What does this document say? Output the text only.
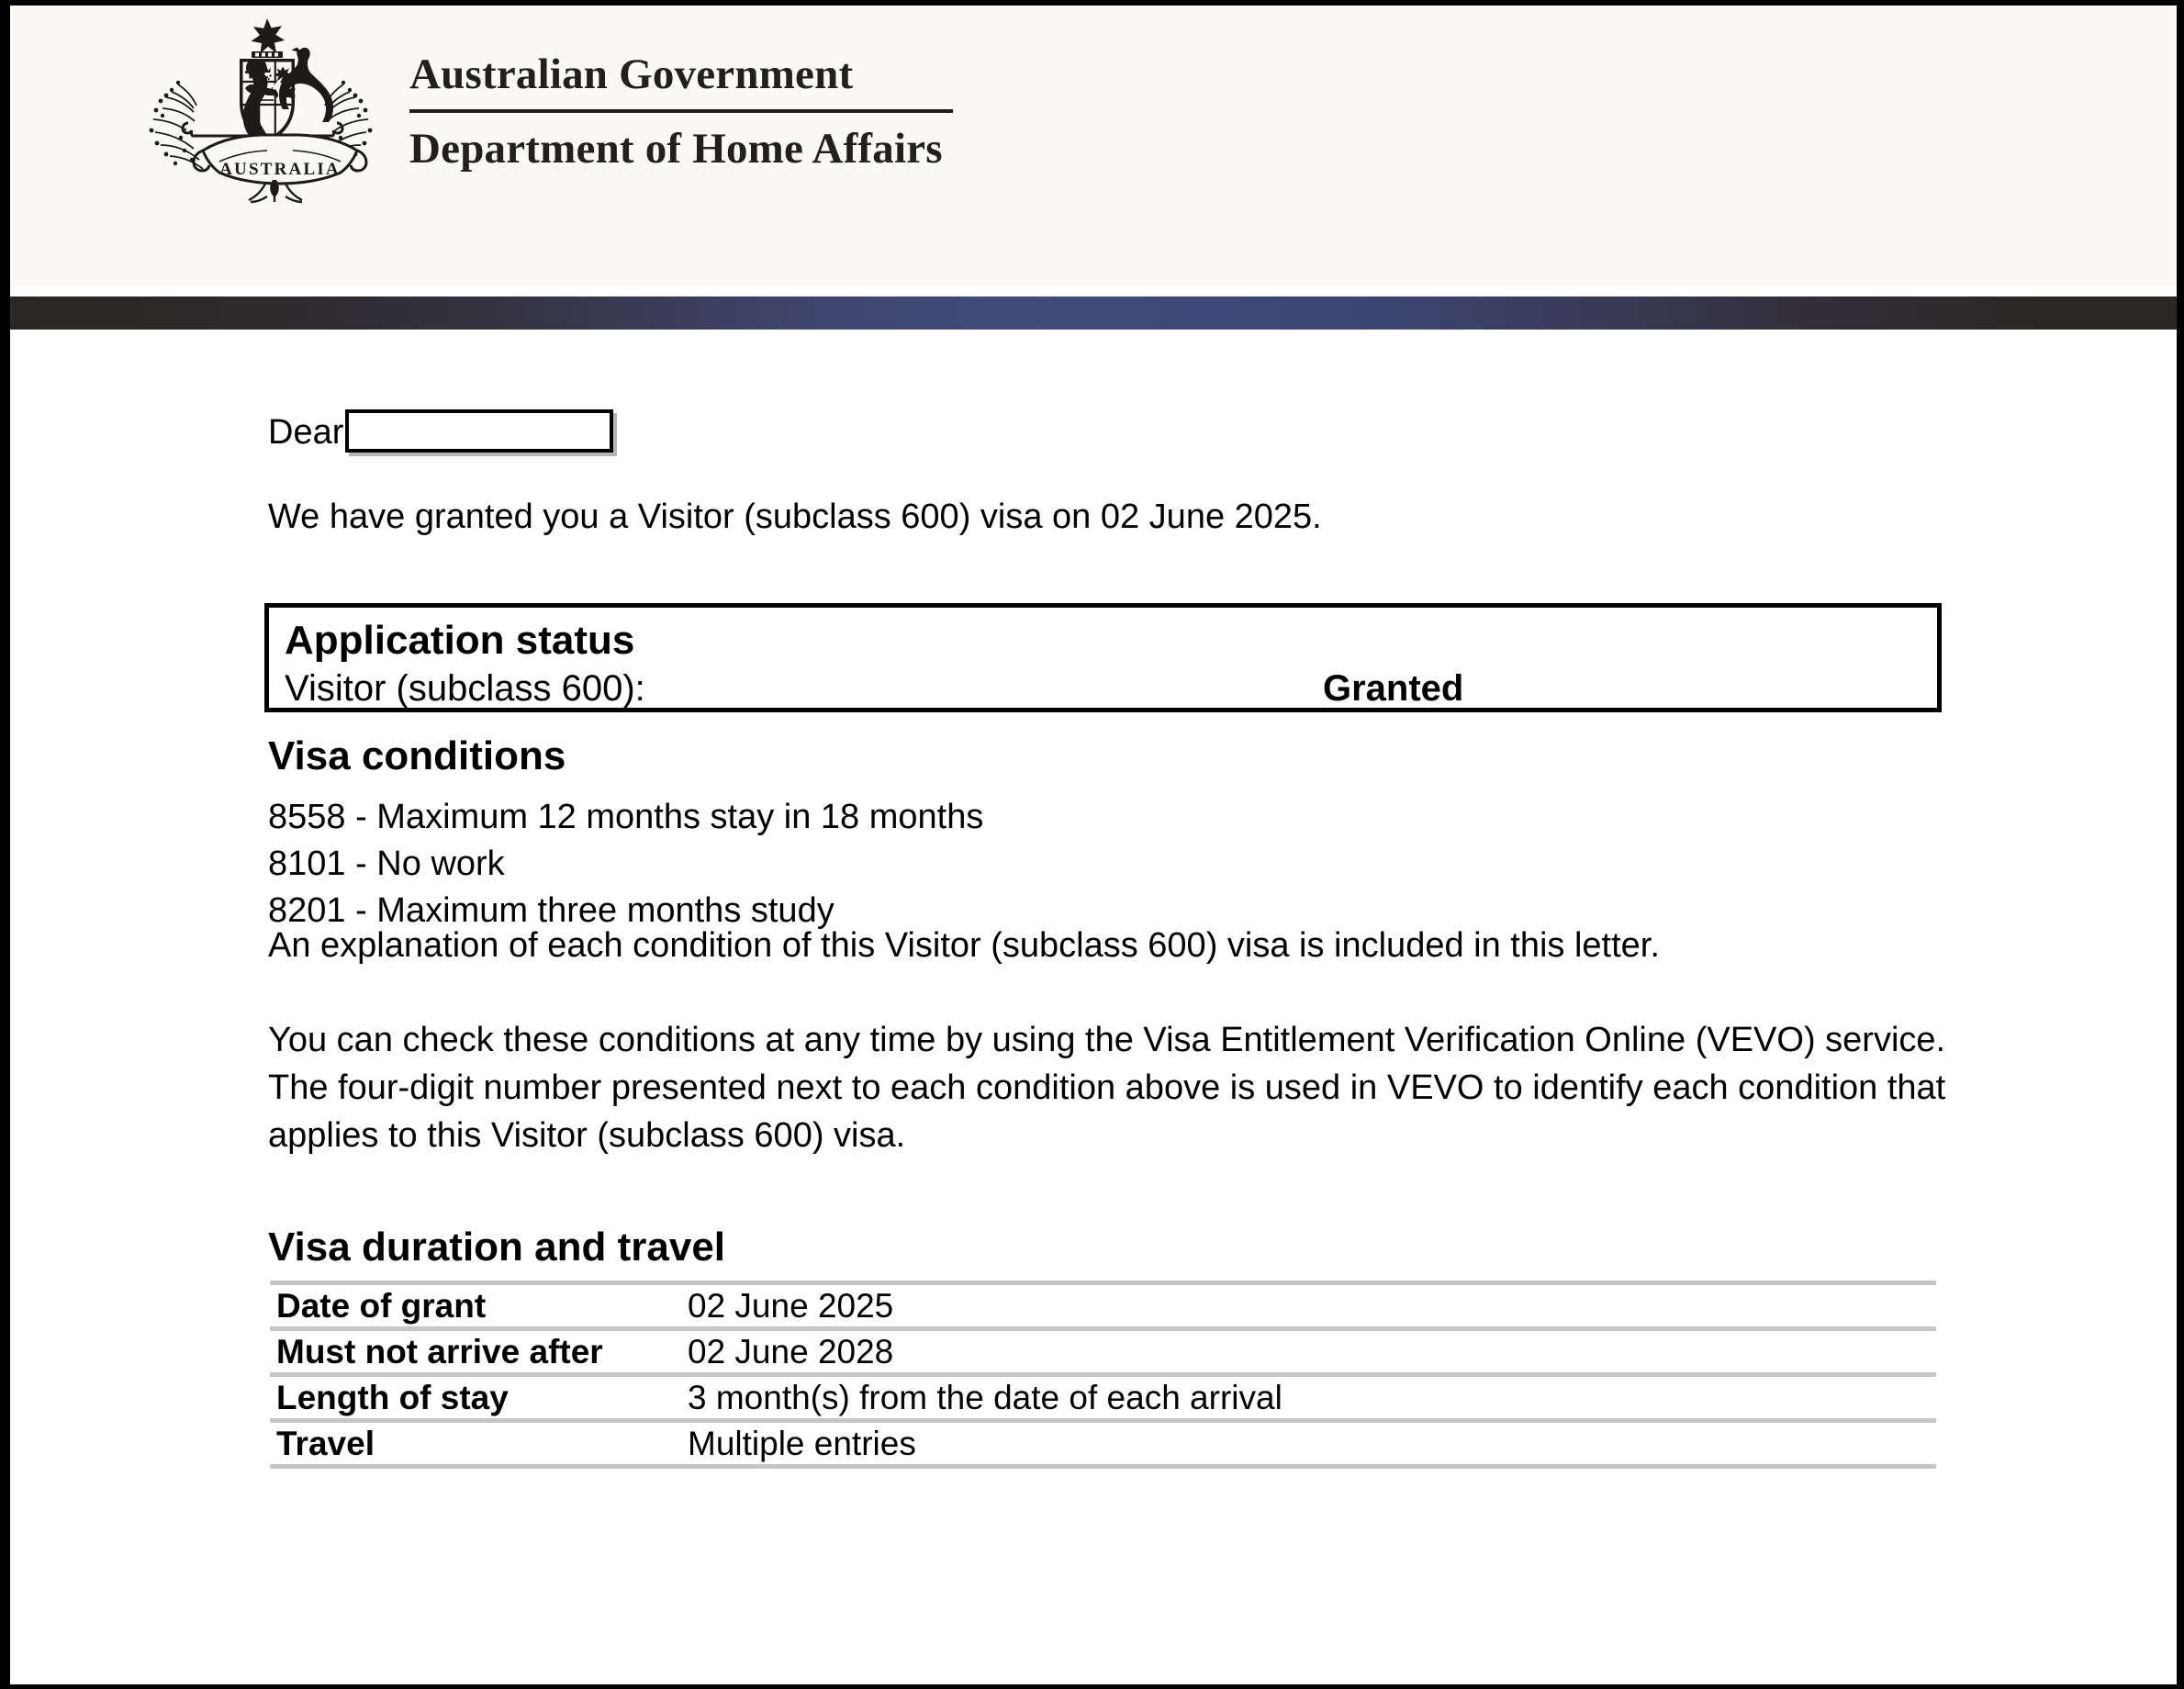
AUSTRALIA
Australian Government
Department of Home Affairs
Dear
We have granted you a Visitor (subclass 600) visa on 02 June 2025.
Application status
Visitor (subclass 600):	Granted
Visa conditions
8558 - Maximum 12 months stay in 18 months
8101 - No work
8201 - Maximum three months study
An explanation of each condition of this Visitor (subclass 600) visa is included in this letter.
You can check these conditions at any time by using the Visa Entitlement Verification Online (VEVO) service. The four-digit number presented next to each condition above is used in VEVO to identify each condition that applies to this Visitor (subclass 600) visa.
Visa duration and travel
Date of grant	02 June 2025
Must not arrive after	02 June 2028
Length of stay	3 month(s) from the date of each arrival
Travel	Multiple entries
